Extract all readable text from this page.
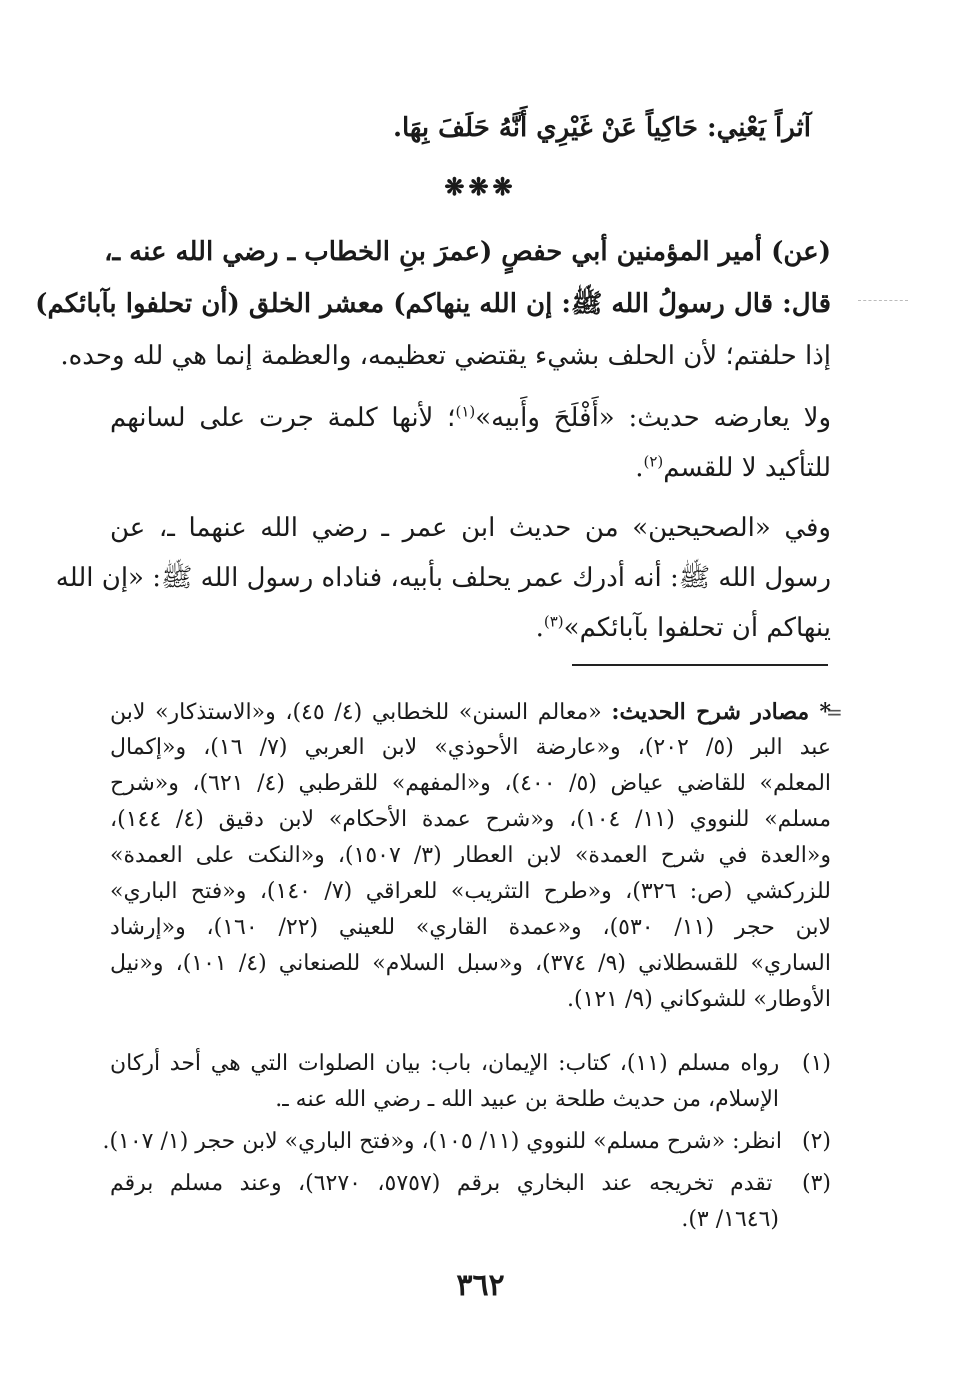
آثراً يَعْنِي: حَاكِياً عَنْ غَيْرِي أَنَّهُ حَلَفَ بِهَا.
❋❋❋
(عن) أمير المؤمنين أبي حفصٍ (عمرَ بنِ الخطاب ـ رضي الله عنه ـ،
قال: قال رسولُ الله ﷺ: إن الله ينهاكم) معشر الخلق (أن تحلفوا بآبائكم)
إذا حلفتم؛ لأن الحلف بشيء يقتضي تعظيمه، والعظمة إنما هي لله وحده.
ولا يعارضه حديث: «أَفْلَحَ وأَبيه»$^{(١)}$؛ لأنها كلمة جرت على لسانهم
للتأكيد لا للقسم$^{(٢)}$.
وفي «الصحيحين» من حديث ابن عمر ـ رضي الله عنهما ـ، عن
رسول الله ﷺ: أنه أدرك عمر يحلف بأبيه، فناداه رسول الله ﷺ: «إن الله
ينهاكم أن تحلفوا بآبائكم»$^{(٣)}$.
=
* مصادر شرح الحديث: «معالم السنن» للخطابي (٤/ ٤٥)، و«الاستذكار» لابن
عبد البر (٥/ ٢٠٢)، و«عارضة الأحوذي» لابن العربي (٧/ ١٦)، و«إكمال
المعلم» للقاضي عياض (٥/ ٤٠٠)، و«المفهم» للقرطبي (٤/ ٦٢١)، و«شرح
مسلم» للنووي (١١/ ١٠٤)، و«شرح عمدة الأحكام» لابن دقيق (٤/ ١٤٤)،
و«العدة في شرح العمدة» لابن العطار (٣/ ١٥٠٧)، و«النكت على العمدة»
للزركشي (ص: ٣٢٦)، و«طرح التثريب» للعراقي (٧/ ١٤٠)، و«فتح الباري»
لابن حجر (١١/ ٥٣٠)، و«عمدة القاري» للعيني (٢٢/ ١٦٠)، و«إرشاد
الساري» للقسطلاني (٩/ ٣٧٤)، و«سبل السلام» للصنعاني (٤/ ١٠١)، و«نيل
الأوطار» للشوكاني (٩/ ١٢١).
(١) رواه مسلم (١١)، كتاب: الإيمان، باب: بيان الصلوات التي هي أحد أركان
الإسلام، من حديث طلحة بن عبيد الله ـ رضي الله عنه ـ.
(٢) انظر: «شرح مسلم» للنووي (١١/ ١٠٥)، و«فتح الباري» لابن حجر (١/ ١٠٧).
(٣) تقدم تخريجه عند البخاري برقم (٥٧٥٧، ٦٢٧٠)، وعند مسلم برقم
(١٦٤٦/ ٣).
٣٦٢
